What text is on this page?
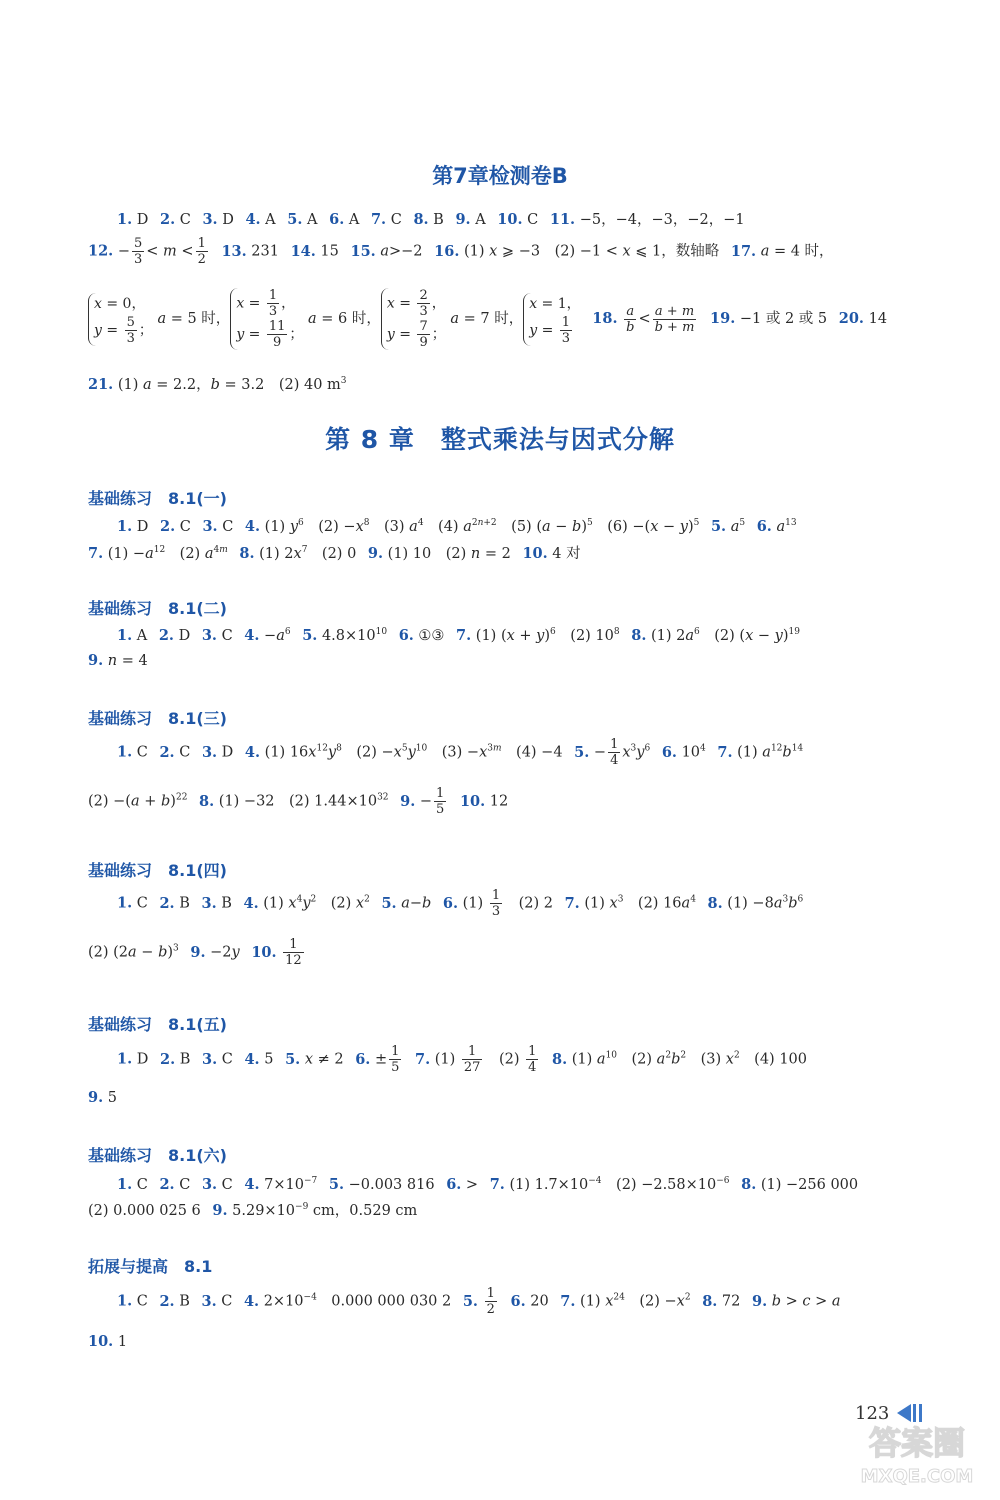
第7章检测卷B
1. D 2. C 3. D 4. A 5. A 6. A 7. C 8. B 9. A 10. C 11. −5，−4，−3，−2，−1
12. − $\frac{5}{3} < m < \frac{1}{2} 13$. 231 14. 15 15. a>−2 16. (1) x ⩾ −3　(2) −1 < x ⩽ 1，数轴略 17. a = 4 时，
x = 0，
$y = \frac{5}{3}$ ；
a = 5 时，
$x = \frac{1}{3}$ ，
$y = \frac{11}{9}$ ；
a = 6 时，
$x = \frac{2}{3}$ ，
$y = \frac{7}{9}$ ；
a = 7 时，
x = 1，
$y = \frac{1}{3} 18$. $\frac{a}{b} < \frac{a + m}{b + m} 19$. −1 或 2 或 5 20. 14
21. (1) a = 2.2，b = 3.2　(2) 40 $m^3$
第 8 章　整式乘法与因式分解
基础练习　8.1(一)
1. D 2. C 3. C 4. (1) $y^6$　$(2) -x^8$　(3) $a^4$　(4) $a^{2n+2}$　(5) $(a - b)^5$　$(6) -(x - y)^5$ 5. $a^5$ 6. $a^{13}$
7. $(1) -a^{12}$　(2) $a^{4m}$ 8. (1) $2x^7$　(2) 0 9. (1) 10　(2) n = 2 10. 4 对
基础练习　8.1(二)
1. A 2. D 3. C 4. $-a^6$ 5. $4.8\times 10^{10}$ 6. ①③ 7. (1) $(x + y)^6$　(2) $10^8$ 8. (1) $2a^6$　(2) $(x - y)^{19}$
9. n = 4
基础练习　8.1(三)
1. C 2. C 3. D 4. (1) $16x^{12}y^8$　$(2) -x^5y^{10}$　$(3) -x^{3m}$　(4) −4 5. − $\frac{1}{4} x^3y^6$ 6. $10^4$ 7. (1) $a^{12}b^{14}$
$(2) -(a + b)^{22}$ 8. (1) −32　(2) $1.44\times 10^{32}$ 9. − $\frac{1}{5} 10$. 12
基础练习　8.1(四)
1. C 2. B 3. B 4. (1) $x^4y^2$　(2) $x^2$ 5. a−b 6. $(1) \frac{1}{3}$ 　(2) 2 7. (1) $x^3$　(2) $16a^4$ 8. $(1) -8a^3b^6$
(2) $(2a - b)^3$ 9. −2y 10. $\frac{1}{12}$
基础练习　8.1(五)
1. D 2. B 3. C 4. 5 5. x ≠ 2 6. ± $\frac{1}{5} 7$. $(1) \frac{1}{27}$ 　$(2) \frac{1}{4} 8$. (1) $a^{10}$　(2) $a^2b^2$　(3) $x^2$　(4) 100
9. 5
基础练习　8.1(六)
1. C 2. C 3. C 4. $7\times 10^{-7}$ 5. −0.003 816 6. > 7. (1) $1.7\times 10^{-4}$　$(2) -2.58\times 10^{-6}$ 8. (1) −256 000
(2) 0.000 025 6 9. $5.29\times 10^{-9}$ cm，0.529 cm
拓展与提高　8.1
1. C 2. B 3. C 4. $2\times 10^{-4}$　0.000 000 030 2 5. $\frac{1}{2} 6$. 20 7. (1) $x^{24}$　$(2) -x^2$ 8. 72 9. b > c > a
10. 1
123
答案圈
MXQE.COM
